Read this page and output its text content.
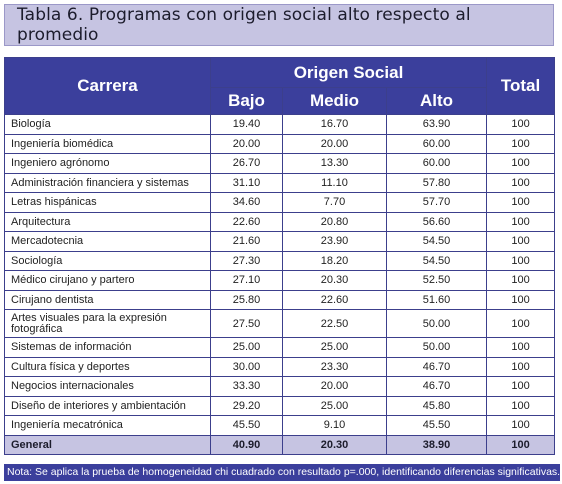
Tabla 6. Programas con origen social alto respecto al promedio
Carrera	Origen Social			Total
	Bajo	Medio	Alto	
Biología	19.40	16.70	63.90	100
Ingeniería biomédica	20.00	20.00	60.00	100
Ingeniero agrónomo	26.70	13.30	60.00	100
Administración financiera y sistemas	31.10	11.10	57.80	100
Letras hispánicas	34.60	7.70	57.70	100
Arquitectura	22.60	20.80	56.60	100
Mercadotecnia	21.60	23.90	54.50	100
Sociología	27.30	18.20	54.50	100
Médico cirujano y partero	27.10	20.30	52.50	100
Cirujano dentista	25.80	22.60	51.60	100
Artes visuales para la expresión fotográfica	27.50	22.50	50.00	100
Sistemas de información	25.00	25.00	50.00	100
Cultura física y deportes	30.00	23.30	46.70	100
Negocios internacionales	33.30	20.00	46.70	100
Diseño de interiores y ambientación	29.20	25.00	45.80	100
Ingeniería mecatrónica	45.50	9.10	45.50	100
General	40.90	20.30	38.90	100
Nota: Se aplica la prueba de homogeneidad chi cuadrado con resultado p=.000, identificando diferencias significativas.
